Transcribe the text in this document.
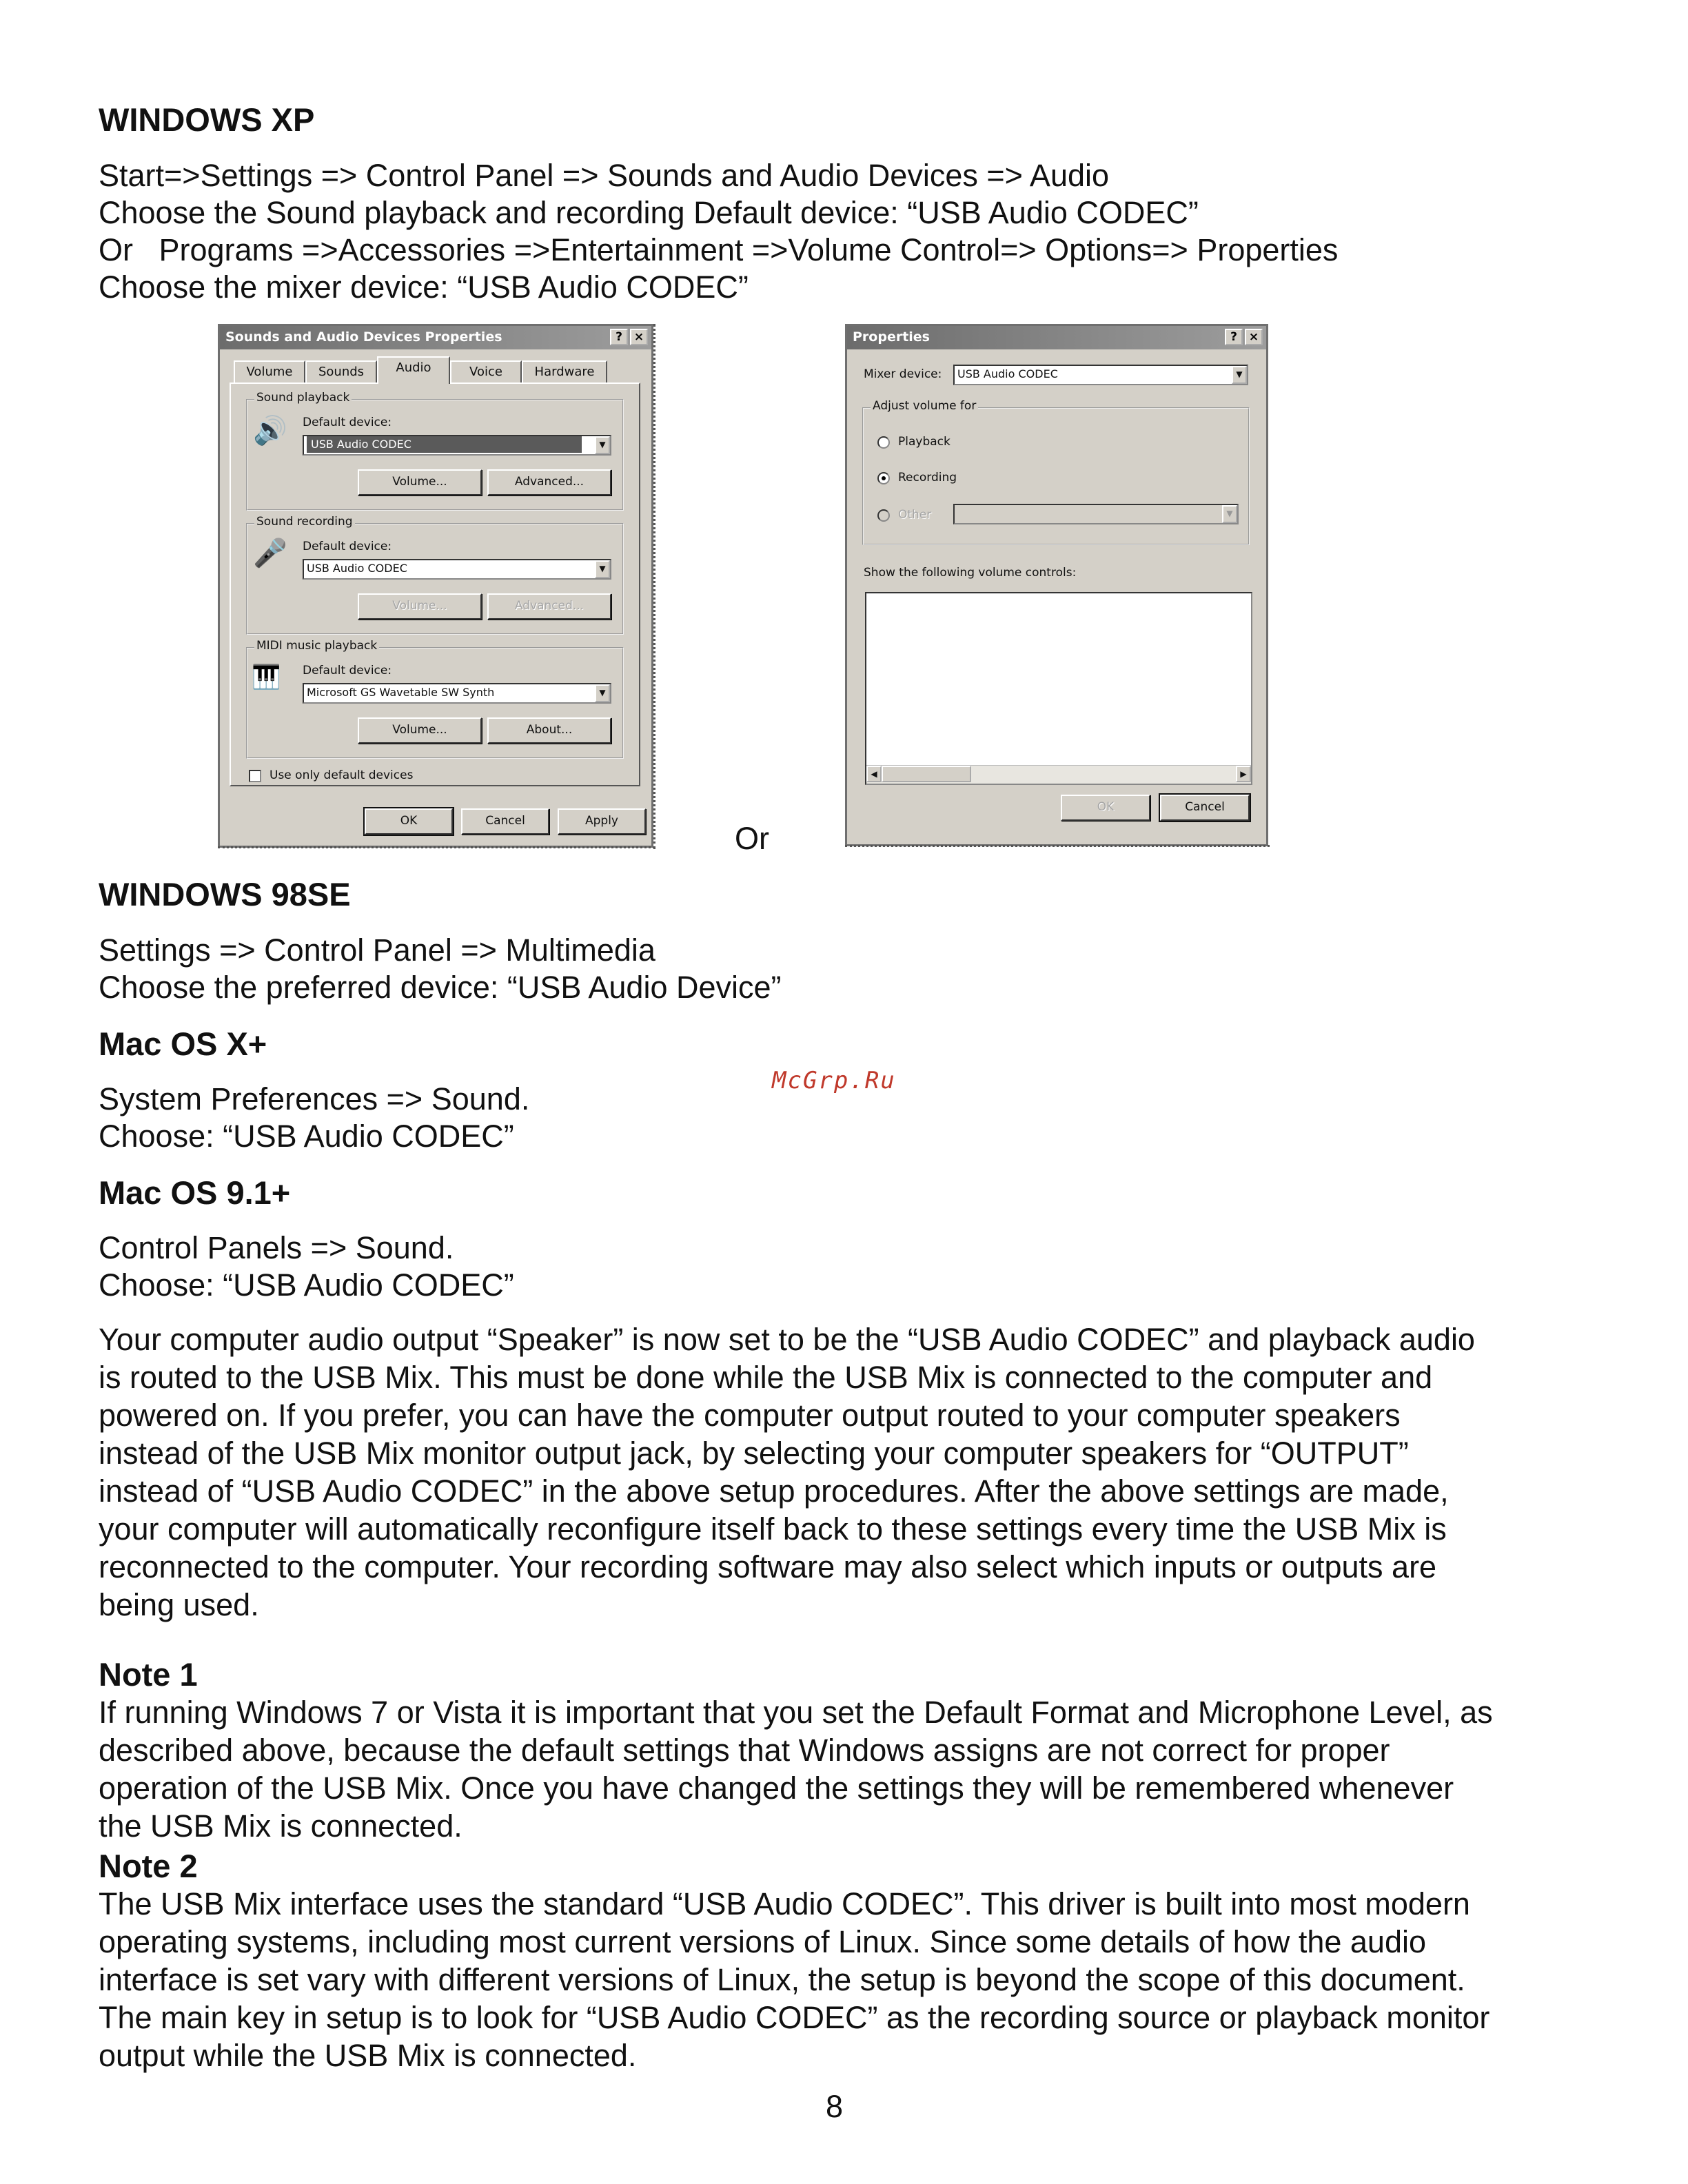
WINDOWS XP
Start=>Settings => Control Panel => Sounds and Audio Devices => Audio
Choose the Sound playback and recording Default device: “USB Audio CODEC”
Or   Programs =>Accessories =>Entertainment =>Volume Control=> Options=> Properties
Choose the mixer device: “USB Audio CODEC”
Sounds and Audio Devices Properties	? ×
Volume	Sounds	Audio	Voice	Hardware
Sound playback
🔊 Default device:
USB Audio CODEC	▼
Volume...	Advanced...
Sound recording
🎤 Default device:
USB Audio CODEC	▼
Volume...	Advanced...
MIDI music playback
🎹 Default device:
Microsoft GS Wavetable SW Synth	▼
Volume...	About...
Use only default devices
OK	Cancel	Apply	Or
Properties	? ×
Mixer device:	USB Audio CODEC	▼
Adjust volume for
Playback
Recording
Other	▼
Show the following volume controls:
◀	▶
OK	Cancel
WINDOWS 98SE
Settings => Control Panel => Multimedia
Choose the preferred device: “USB Audio Device”
Mac OS X+
McGrp.Ru
System Preferences => Sound.
Choose: “USB Audio CODEC”
Mac OS 9.1+
Control Panels => Sound.
Choose: “USB Audio CODEC”
Your computer audio output “Speaker” is now set to be the “USB Audio CODEC” and playback audio
is routed to the USB Mix. This must be done while the USB Mix is connected to the computer and
powered on. If you prefer, you can have the computer output routed to your computer speakers
instead of the USB Mix monitor output jack, by selecting your computer speakers for “OUTPUT”
instead of “USB Audio CODEC” in the above setup procedures. After the above settings are made,
your computer will automatically reconfigure itself back to these settings every time the USB Mix is
reconnected to the computer. Your recording software may also select which inputs or outputs are
being used.
Note 1
If running Windows 7 or Vista it is important that you set the Default Format and Microphone Level, as
described above, because the default settings that Windows assigns are not correct for proper
operation of the USB Mix. Once you have changed the settings they will be remembered whenever
the USB Mix is connected.
Note 2
The USB Mix interface uses the standard “USB Audio CODEC”. This driver is built into most modern
operating systems, including most current versions of Linux. Since some details of how the audio
interface is set vary with different versions of Linux, the setup is beyond the scope of this document.
The main key in setup is to look for “USB Audio CODEC” as the recording source or playback monitor
output while the USB Mix is connected.
8
